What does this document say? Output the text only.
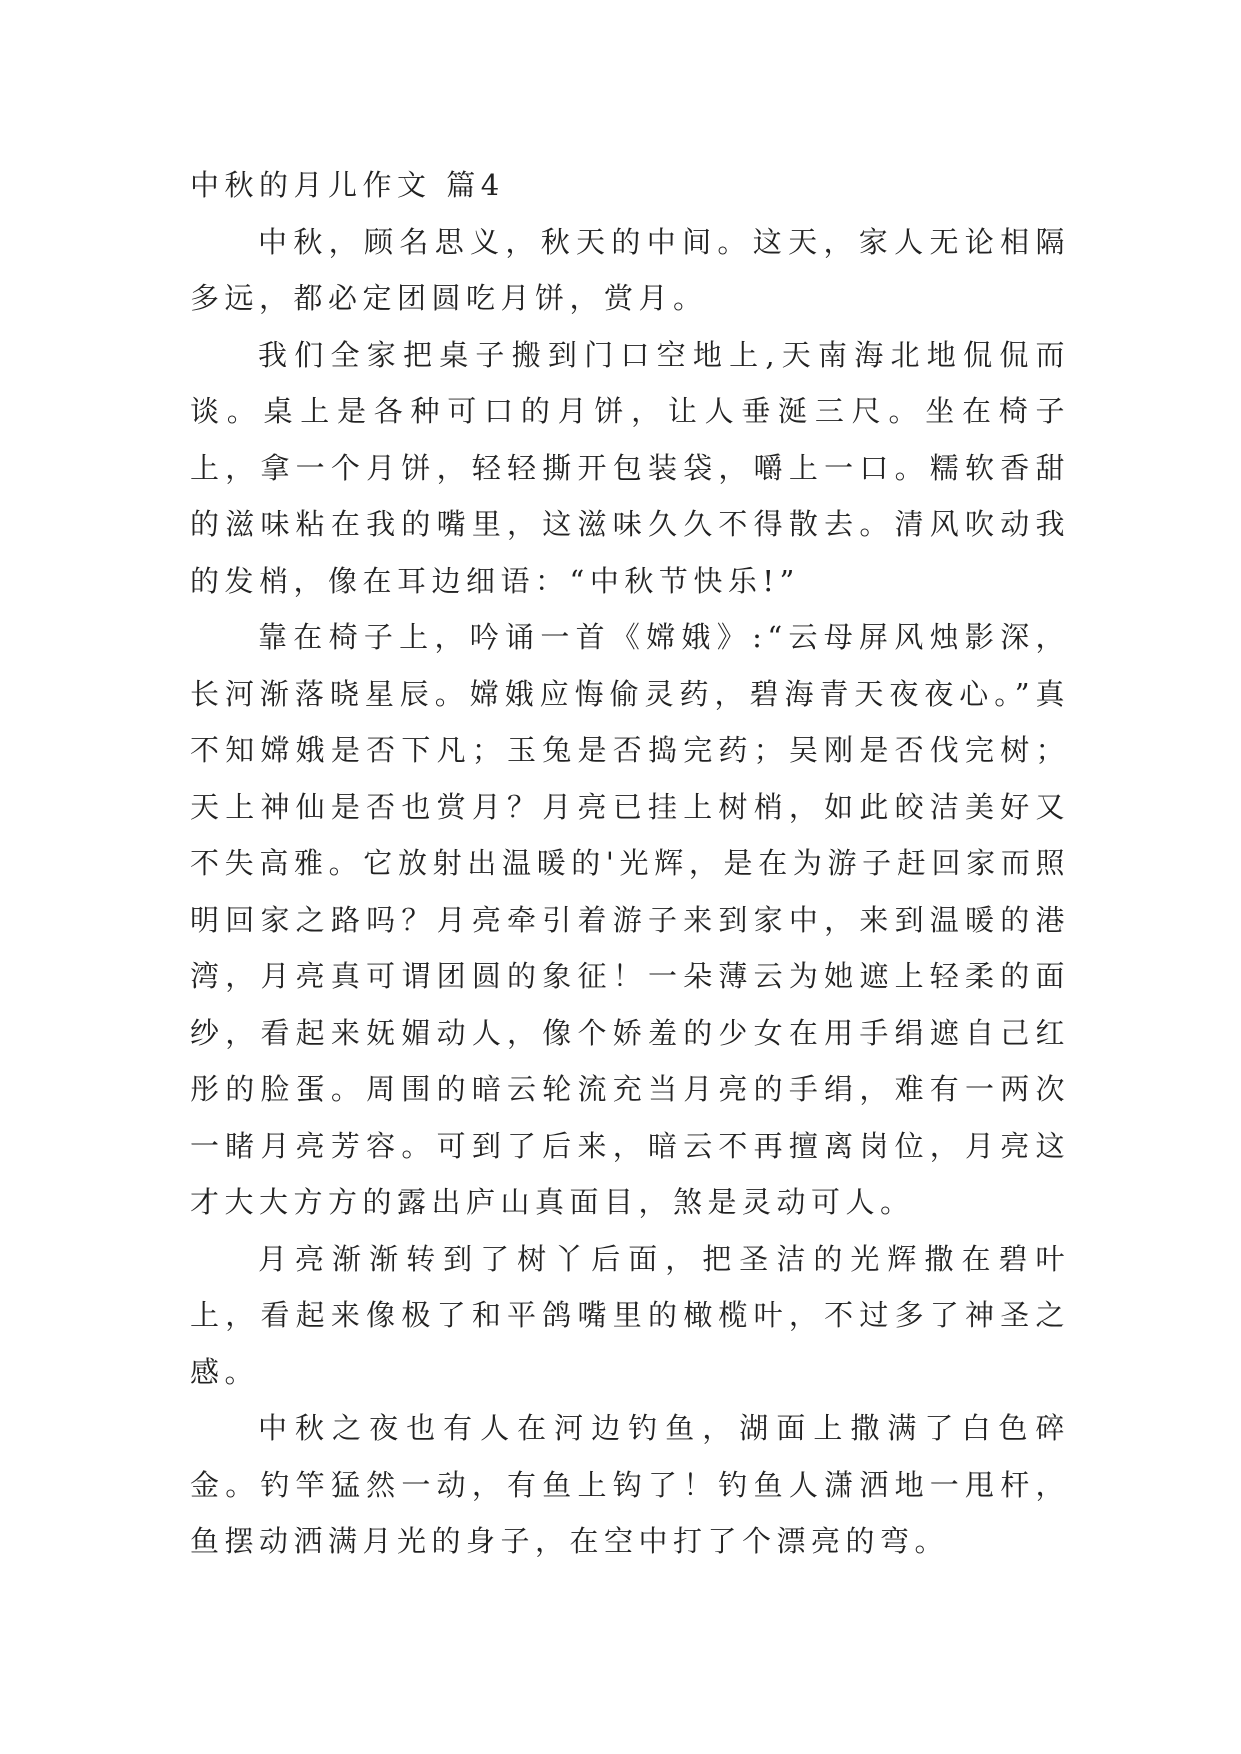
中秋的月儿作文 篇4

中秋，顾名思义，秋天的中间。这天，家人无论相隔多远，都必定团圆吃月饼，赏月。

我们全家把桌子搬到门口空地上,天南海北地侃侃而谈。桌上是各种可口的月饼，让人垂涎三尺。坐在椅子上，拿一个月饼，轻轻撕开包装袋，嚼上一口。糯软香甜的滋味粘在我的嘴里，这滋味久久不得散去。清风吹动我的发梢，像在耳边细语：“中秋节快乐!”

靠在椅子上，吟诵一首《嫦娥》:“云母屏风烛影深，长河渐落晓星辰。嫦娥应悔偷灵药，碧海青天夜夜心。”真不知嫦娥是否下凡；玉兔是否捣完药；吴刚是否伐完树；天上神仙是否也赏月？月亮已挂上树梢，如此皎洁美好又不失高雅。它放射出温暖的'光辉，是在为游子赶回家而照明回家之路吗？月亮牵引着游子来到家中，来到温暖的港湾，月亮真可谓团圆的象征！一朵薄云为她遮上轻柔的面纱，看起来妩媚动人，像个娇羞的少女在用手绢遮自己红彤的脸蛋。周围的暗云轮流充当月亮的手绢，难有一两次一睹月亮芳容。可到了后来，暗云不再擅离岗位，月亮这才大大方方的露出庐山真面目，煞是灵动可人。

月亮渐渐转到了树丫后面，把圣洁的光辉撒在碧叶上，看起来像极了和平鸽嘴里的橄榄叶，不过多了神圣之感。

中秋之夜也有人在河边钓鱼，湖面上撒满了白色碎金。钓竿猛然一动，有鱼上钩了！钓鱼人潇洒地一甩杆，鱼摆动洒满月光的身子，在空中打了个漂亮的弯。
